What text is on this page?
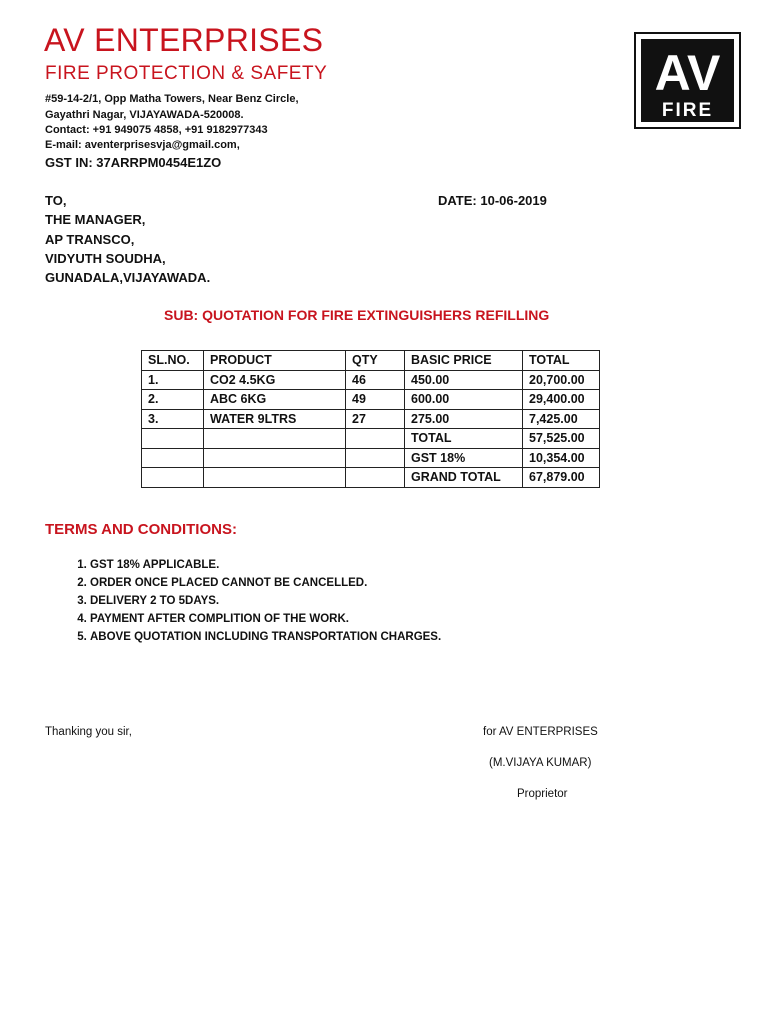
AV ENTERPRISES
FIRE PROTECTION & SAFETY
#59-14-2/1, Opp Matha Towers, Near Benz Circle,
Gayathri Nagar, VIJAYAWADA-520008.
Contact: +91 949075 4858, +91 9182977343
E-mail: aventerprisesvja@gmail.com,
GST IN: 37ARRPM0454E1ZO
AV
FIRE
TO,
THE MANAGER,
AP TRANSCO,
VIDYUTH SOUDHA,
GUNADALA,VIJAYAWADA.
DATE: 10-06-2019
SUB: QUOTATION FOR FIRE EXTINGUISHERS REFILLING
SL.NO.	PRODUCT	QTY	BASIC PRICE	TOTAL
1.	CO2 4.5KG	46	450.00	20,700.00
2.	ABC 6KG	49	600.00	29,400.00
3.	WATER 9LTRS	27	275.00	7,425.00
			TOTAL	57,525.00
			GST 18%	10,354.00
			GRAND TOTAL	67,879.00
TERMS AND CONDITIONS:
1. GST 18% APPLICABLE.
2. ORDER ONCE PLACED CANNOT BE CANCELLED.
3. DELIVERY 2 TO 5DAYS.
4. PAYMENT AFTER COMPLITION OF THE WORK.
5. ABOVE QUOTATION INCLUDING TRANSPORTATION CHARGES.
Thanking you sir,	for AV ENTERPRISES
(M.VIJAYA KUMAR)
Proprietor
